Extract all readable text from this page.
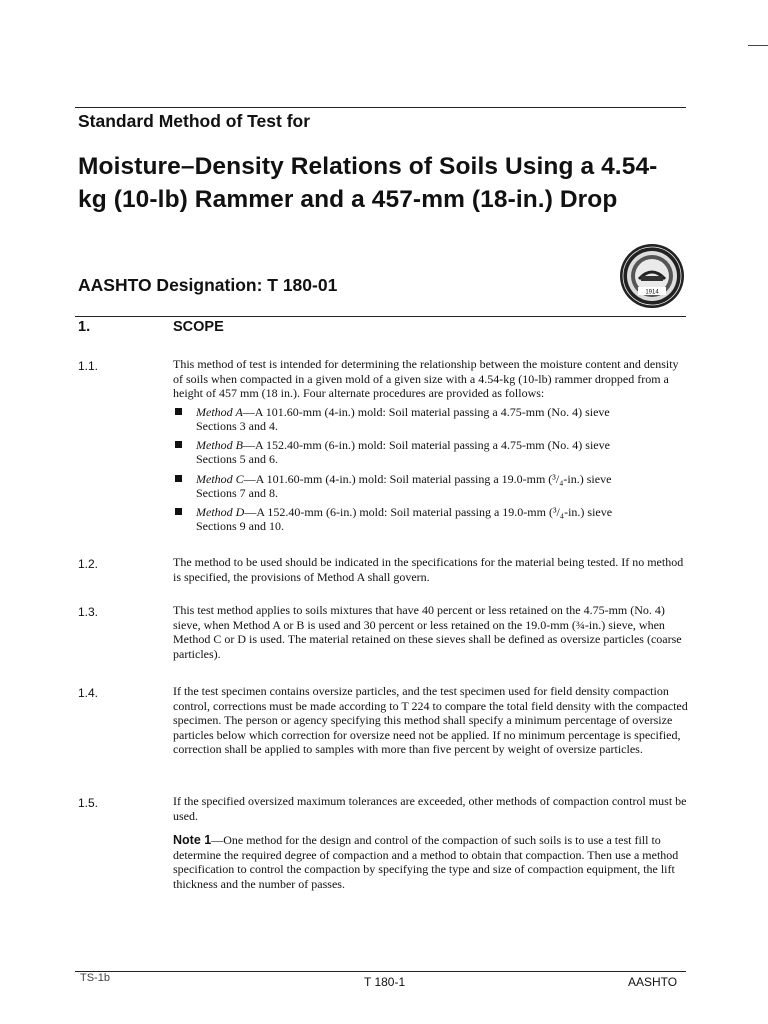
Standard Method of Test for
Moisture–Density Relations of Soils Using a 4.54-kg (10-lb) Rammer and a 457-mm (18-in.) Drop
AASHTO Designation: T 180-01	1914
1.	SCOPE
1.1.	This method of test is intended for determining the relationship between the moisture content and density of soils when compacted in a given mold of a given size with a 4.54-kg (10-lb) rammer dropped from a height of 457 mm (18 in.). Four alternate procedures are provided as follows:
Method A—A 101.60-mm (4-in.) mold: Soil material passing a 4.75-mm (No. 4) sieve
Sections 3 and 4.
Method B—A 152.40-mm (6-in.) mold: Soil material passing a 4.75-mm (No. 4) sieve
Sections 5 and 6.
Method C—A 101.60-mm (4-in.) mold: Soil material passing a 19.0-mm (³/₄-in.) sieve
Sections 7 and 8.
Method D—A 152.40-mm (6-in.) mold: Soil material passing a 19.0-mm (³/₄-in.) sieve
Sections 9 and 10.
1.2.	The method to be used should be indicated in the specifications for the material being tested. If no method is specified, the provisions of Method A shall govern.
1.3.	This test method applies to soils mixtures that have 40 percent or less retained on the 4.75-mm (No. 4) sieve, when Method A or B is used and 30 percent or less retained on the 19.0-mm (¾-in.) sieve, when Method C or D is used. The material retained on these sieves shall be defined as oversize particles (coarse particles).
1.4.	If the test specimen contains oversize particles, and the test specimen used for field density compaction control, corrections must be made according to T 224 to compare the total field density with the compacted specimen. The person or agency specifying this method shall specify a minimum percentage of oversize particles below which correction for oversize need not be applied. If no minimum percentage is specified, correction shall be applied to samples with more than five percent by weight of oversize particles.
1.5.	If the specified oversized maximum tolerances are exceeded, other methods of compaction control must be used.
Note 1—One method for the design and control of the compaction of such soils is to use a test fill to determine the required degree of compaction and a method to obtain that compaction. Then use a method specification to control the compaction by specifying the type and size of compaction equipment, the lift thickness and the number of passes.
TS-1b	T 180-1	AASHTO
